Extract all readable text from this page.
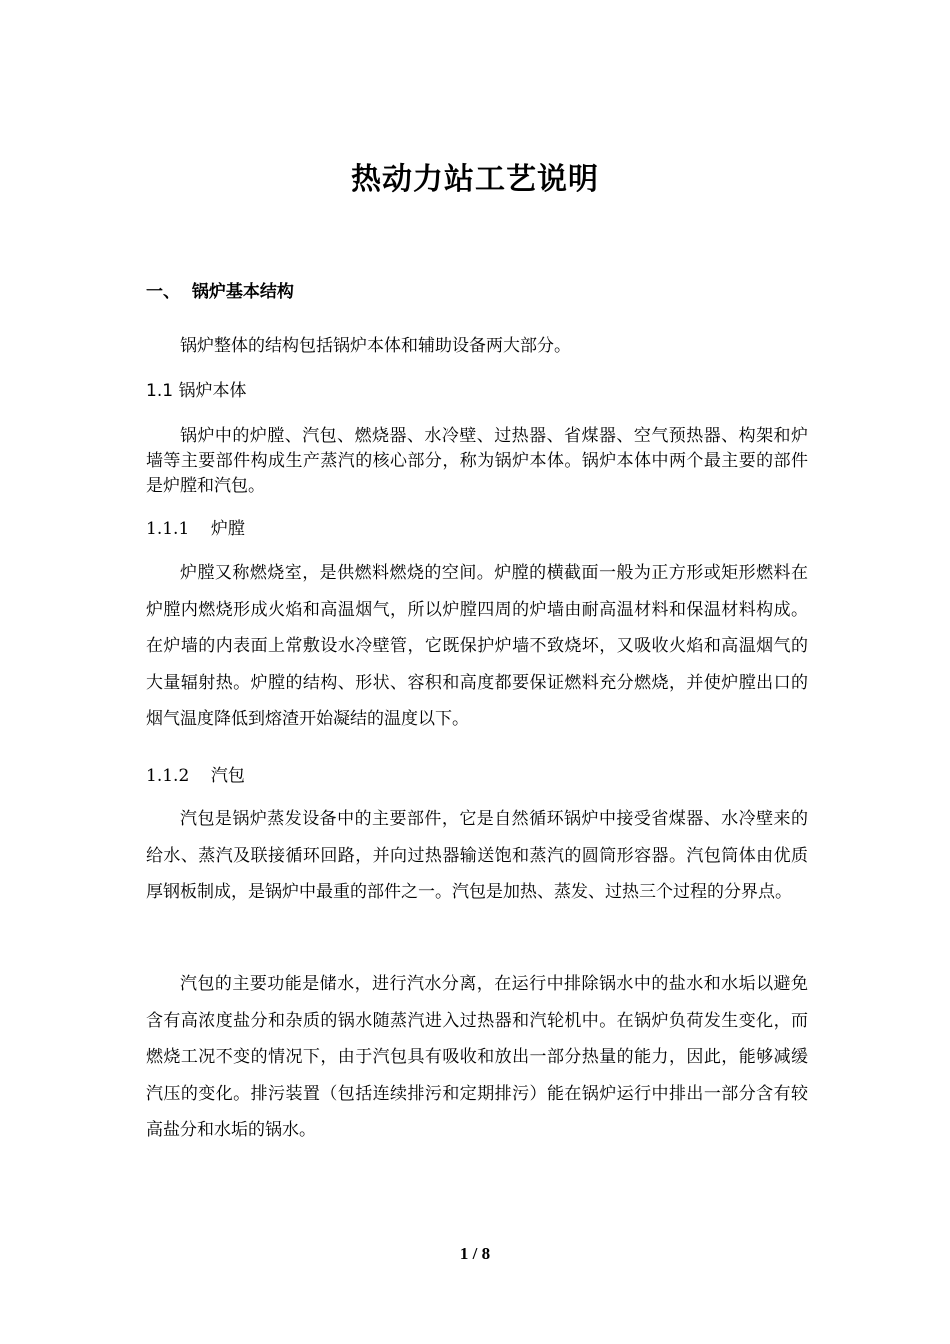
热动力站工艺说明
一、  锅炉基本结构

锅炉整体的结构包括锅炉本体和辅助设备两大部分。

1.1 锅炉本体

锅炉中的炉膛、汽包、燃烧器、水冷壁、过热器、省煤器、空气预热器、构架和炉墙等主要部件构成生产蒸汽的核心部分，称为锅炉本体。锅炉本体中两个最主要的部件是炉膛和汽包。

1.1.1    炉膛

炉膛又称燃烧室，是供燃料燃烧的空间。炉膛的横截面一般为正方形或矩形燃料在炉膛内燃烧形成火焰和高温烟气，所以炉膛四周的炉墙由耐高温材料和保温材料构成。在炉墙的内表面上常敷设水冷壁管，它既保护炉墙不致烧坏，又吸收火焰和高温烟气的大量辐射热。炉膛的结构、形状、容积和高度都要保证燃料充分燃烧，并使炉膛出口的烟气温度降低到熔渣开始凝结的温度以下。

1.1.2    汽包

汽包是锅炉蒸发设备中的主要部件，它是自然循环锅炉中接受省煤器、水冷壁来的给水、蒸汽及联接循环回路，并向过热器输送饱和蒸汽的圆筒形容器。汽包筒体由优质厚钢板制成，是锅炉中最重的部件之一。汽包是加热、蒸发、过热三个过程的分界点。

汽包的主要功能是储水，进行汽水分离，在运行中排除锅水中的盐水和水垢以避免含有高浓度盐分和杂质的锅水随蒸汽进入过热器和汽轮机中。在锅炉负荷发生变化，而燃烧工况不变的情况下，由于汽包具有吸收和放出一部分热量的能力，因此，能够减缓汽压的变化。排污装置（包括连续排污和定期排污）能在锅炉运行中排出一部分含有较高盐分和水垢的锅水。

1 / 8
